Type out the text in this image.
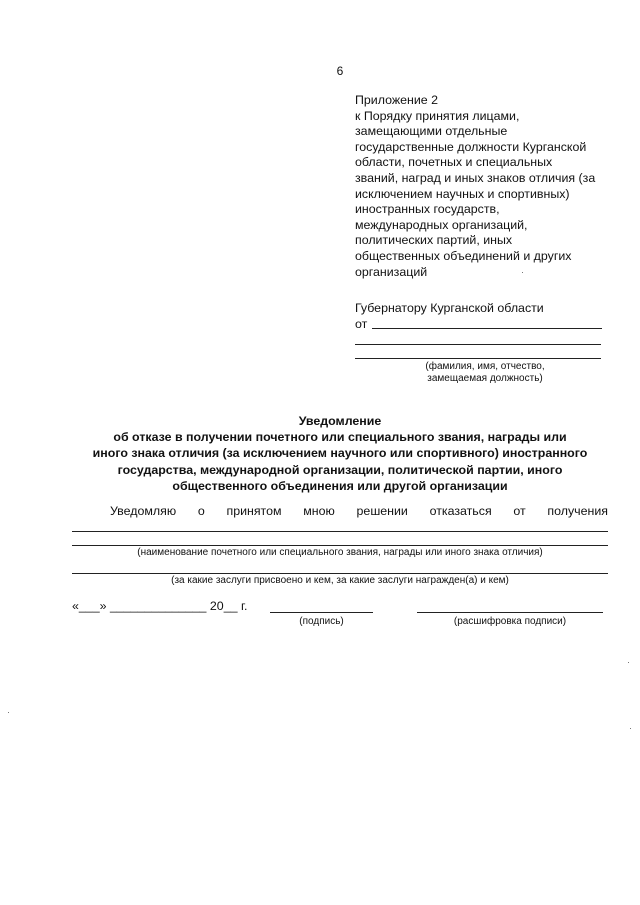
6
Приложение 2
к Порядку принятия лицами,
замещающими отдельные
государственные должности Курганской
области, почетных и специальных
званий, наград и иных знаков отличия (за
исключением научных и спортивных)
иностранных государств,
международных организаций,
политических партий, иных
общественных объединений и других
организаций
Губернатору Курганской области
от
(фамилия, имя, отчество,
замещаемая должность)
Уведомление
об отказе в получении почетного или специального звания, награды или
иного знака отличия (за исключением научного или спортивного) иностранного
государства, международной организации, политической партии, иного
общественного объединения или другой организации
Уведомляю о принятом мною решении отказаться от получения
(наименование почетного или специального звания, награды или иного знака отличия)
(за какие заслуги присвоено и кем, за какие заслуги награжден(а) и кем)
«___» ______________ 20__ г.
(подпись)	(расшифровка подписи)
